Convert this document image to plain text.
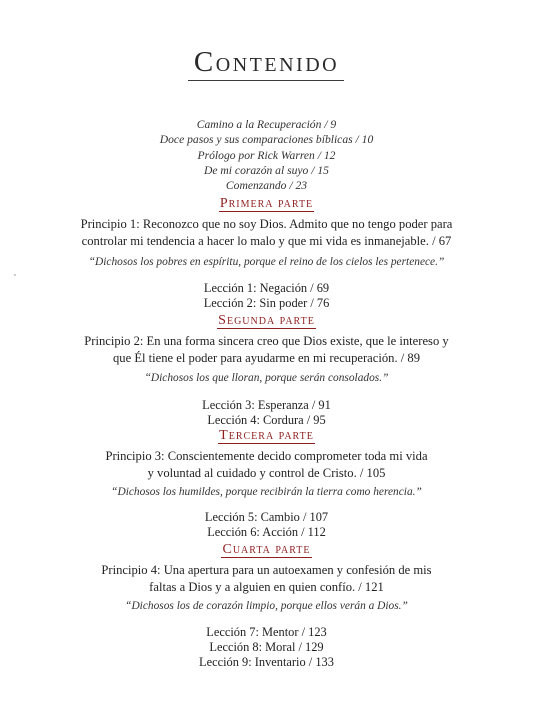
Contenido
Camino a la Recuperación / 9
Doce pasos y sus comparaciones bíblicas / 10
Prólogo por Rick Warren / 12
De mi corazón al suyo / 15
Comenzando / 23
Primera parte
Principio 1: Reconozco que no soy Dios. Admito que no tengo poder para
controlar mi tendencia a hacer lo malo y que mi vida es inmanejable. / 67
“Dichosos los pobres en espíritu, porque el reino de los cielos les pertenece.”
Lección 1: Negación / 69
Lección 2: Sin poder / 76
Segunda parte
Principio 2: En una forma sincera creo que Dios existe, que le intereso y
que Él tiene el poder para ayudarme en mi recuperación. / 89
“Dichosos los que lloran, porque serán consolados.”
Lección 3: Esperanza / 91
Lección 4: Cordura / 95
Tercera parte
Principio 3: Conscientemente decido comprometer toda mi vida
y voluntad al cuidado y control de Cristo. / 105
“Dichosos los humildes, porque recibirán la tierra como herencia.”
Lección 5: Cambio / 107
Lección 6: Acción / 112
Cuarta parte
Principio 4: Una apertura para un autoexamen y confesión de mis
faltas a Dios y a alguien en quien confío. / 121
“Dichosos los de corazón limpio, porque ellos verán a Dios.”
Lección 7: Mentor / 123
Lección 8: Moral / 129
Lección 9: Inventario / 133
